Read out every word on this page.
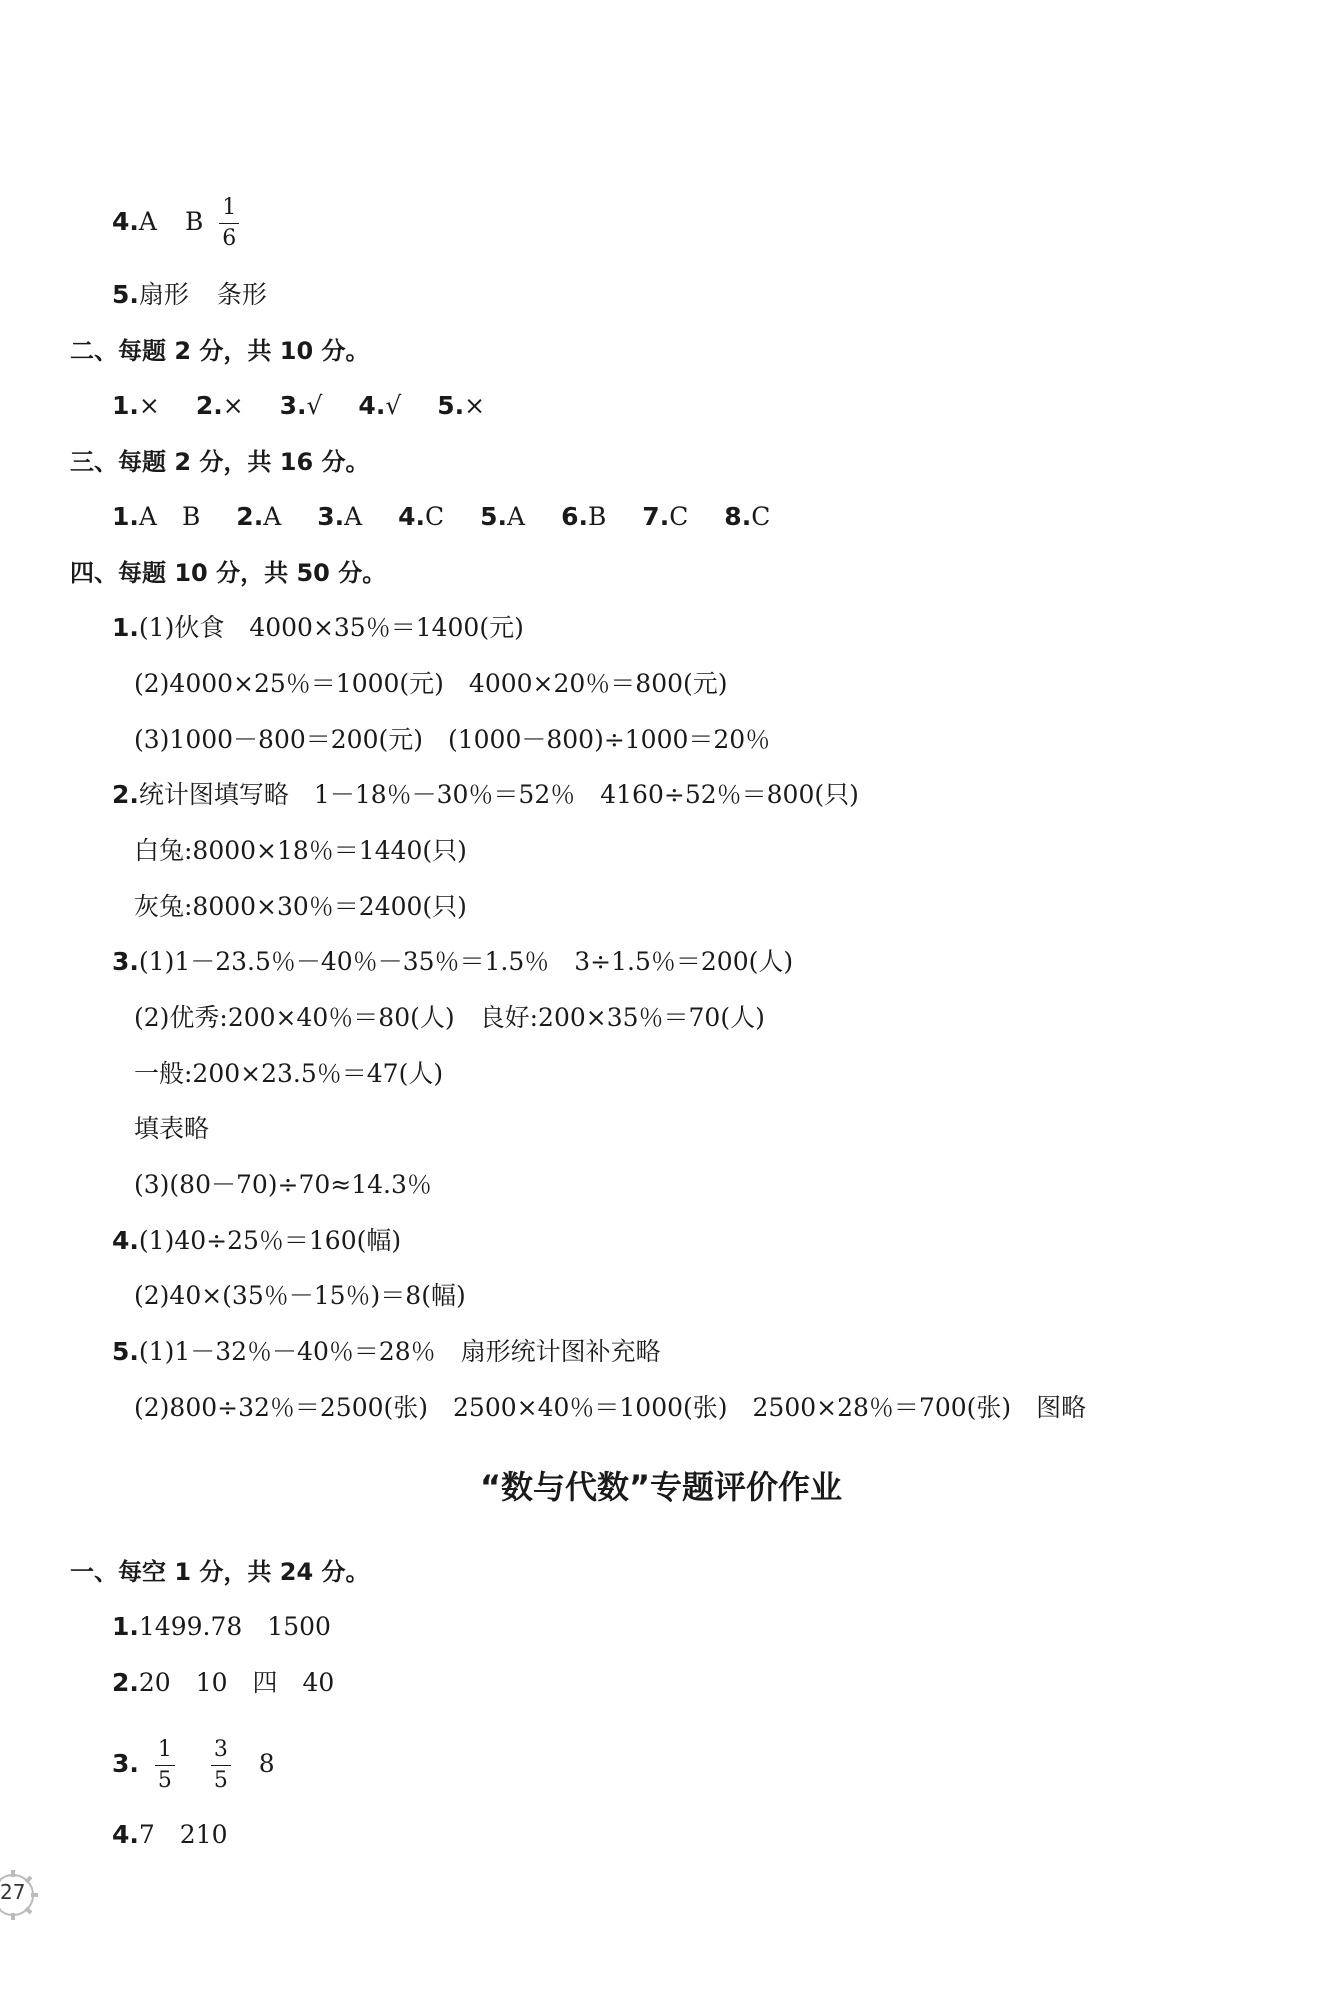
4.A B $\frac{1}{6}$
5.扇形 条形
二、每题 2 分，共 10 分。
1.× 2.× 3.√ 4.√ 5.×
三、每题 2 分，共 16 分。
1.A　B 2.A 3.A 4.C 5.A 6.B 7.C 8.C
四、每题 10 分，共 50 分。
1.(1)伙食　4000×35％＝1400(元)
(2)4000×25％＝1000(元)　4000×20％＝800(元)
(3)1000－800＝200(元)　(1000－800)÷1000＝20％
2.统计图填写略　1－18％－30％＝52％　4160÷52％＝800(只)
白兔:8000×18％＝1440(只)
灰兔:8000×30％＝2400(只)
3.(1)1－23.5％－40％－35％＝1.5％　3÷1.5％＝200(人)
(2)优秀:200×40％＝80(人)　良好:200×35％＝70(人)
一般:200×23.5％＝47(人)
填表略
(3)(80－70)÷70≈14.3％
4.(1)40÷25％＝160(幅)
(2)40×(35％－15％)＝8(幅)
5.(1)1－32％－40％＝28％　扇形统计图补充略
(2)800÷32％＝2500(张)　2500×40％＝1000(张)　2500×28％＝700(张)　图略
“数与代数”专题评价作业
一、每空 1 分，共 24 分。
1.1499.78　1500
2.20　10　四　40
3. $\frac{1}{5}$
$\frac{3}{5} 8$
4.7　210
27
